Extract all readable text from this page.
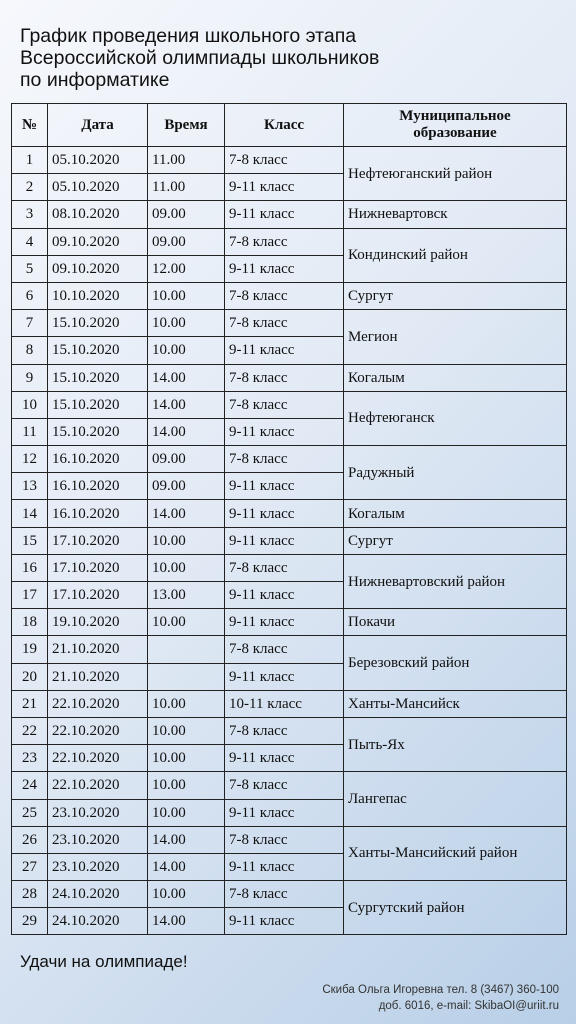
График проведения школьного этапа
Всероссийской олимпиады школьников
по информатике
№	Дата	Время	Класс	Муниципальное
образование

1	05.10.2020	11.00	7-8 класс	Нефтеюганский район
2	05.10.2020	11.00	9-11 класс	
3	08.10.2020	09.00	9-11 класс	Нижневартовск
4	09.10.2020	09.00	7-8 класс	Кондинский район
5	09.10.2020	12.00	9-11 класс	
6	10.10.2020	10.00	7-8 класс	Сургут
7	15.10.2020	10.00	7-8 класс	Мегион
8	15.10.2020	10.00	9-11 класс	
9	15.10.2020	14.00	7-8 класс	Когалым
10	15.10.2020	14.00	7-8 класс	Нефтеюганск
11	15.10.2020	14.00	9-11 класс	
12	16.10.2020	09.00	7-8 класс	Радужный
13	16.10.2020	09.00	9-11 класс	
14	16.10.2020	14.00	9-11 класс	Когалым
15	17.10.2020	10.00	9-11 класс	Сургут
16	17.10.2020	10.00	7-8 класс	Нижневартовский район
17	17.10.2020	13.00	9-11 класс	
18	19.10.2020	10.00	9-11 класс	Покачи
19	21.10.2020		7-8 класс	Березовский район
20	21.10.2020		9-11 класс	
21	22.10.2020	10.00	10-11 класс	Ханты-Мансийск
22	22.10.2020	10.00	7-8 класс	Пыть-Ях
23	22.10.2020	10.00	9-11 класс	
24	22.10.2020	10.00	7-8 класс	Лангепас
25	23.10.2020	10.00	9-11 класс	
26	23.10.2020	14.00	7-8 класс	Ханты-Мансийский район
27	23.10.2020	14.00	9-11 класс	
28	24.10.2020	10.00	7-8 класс	Сургутский район
29	24.10.2020	14.00	9-11 класс	
Удачи на олимпиаде!
Скиба Ольга Игоревна тел. 8 (3467) 360-100
доб. 6016, e-mail: SkibaOI@uriit.ru
